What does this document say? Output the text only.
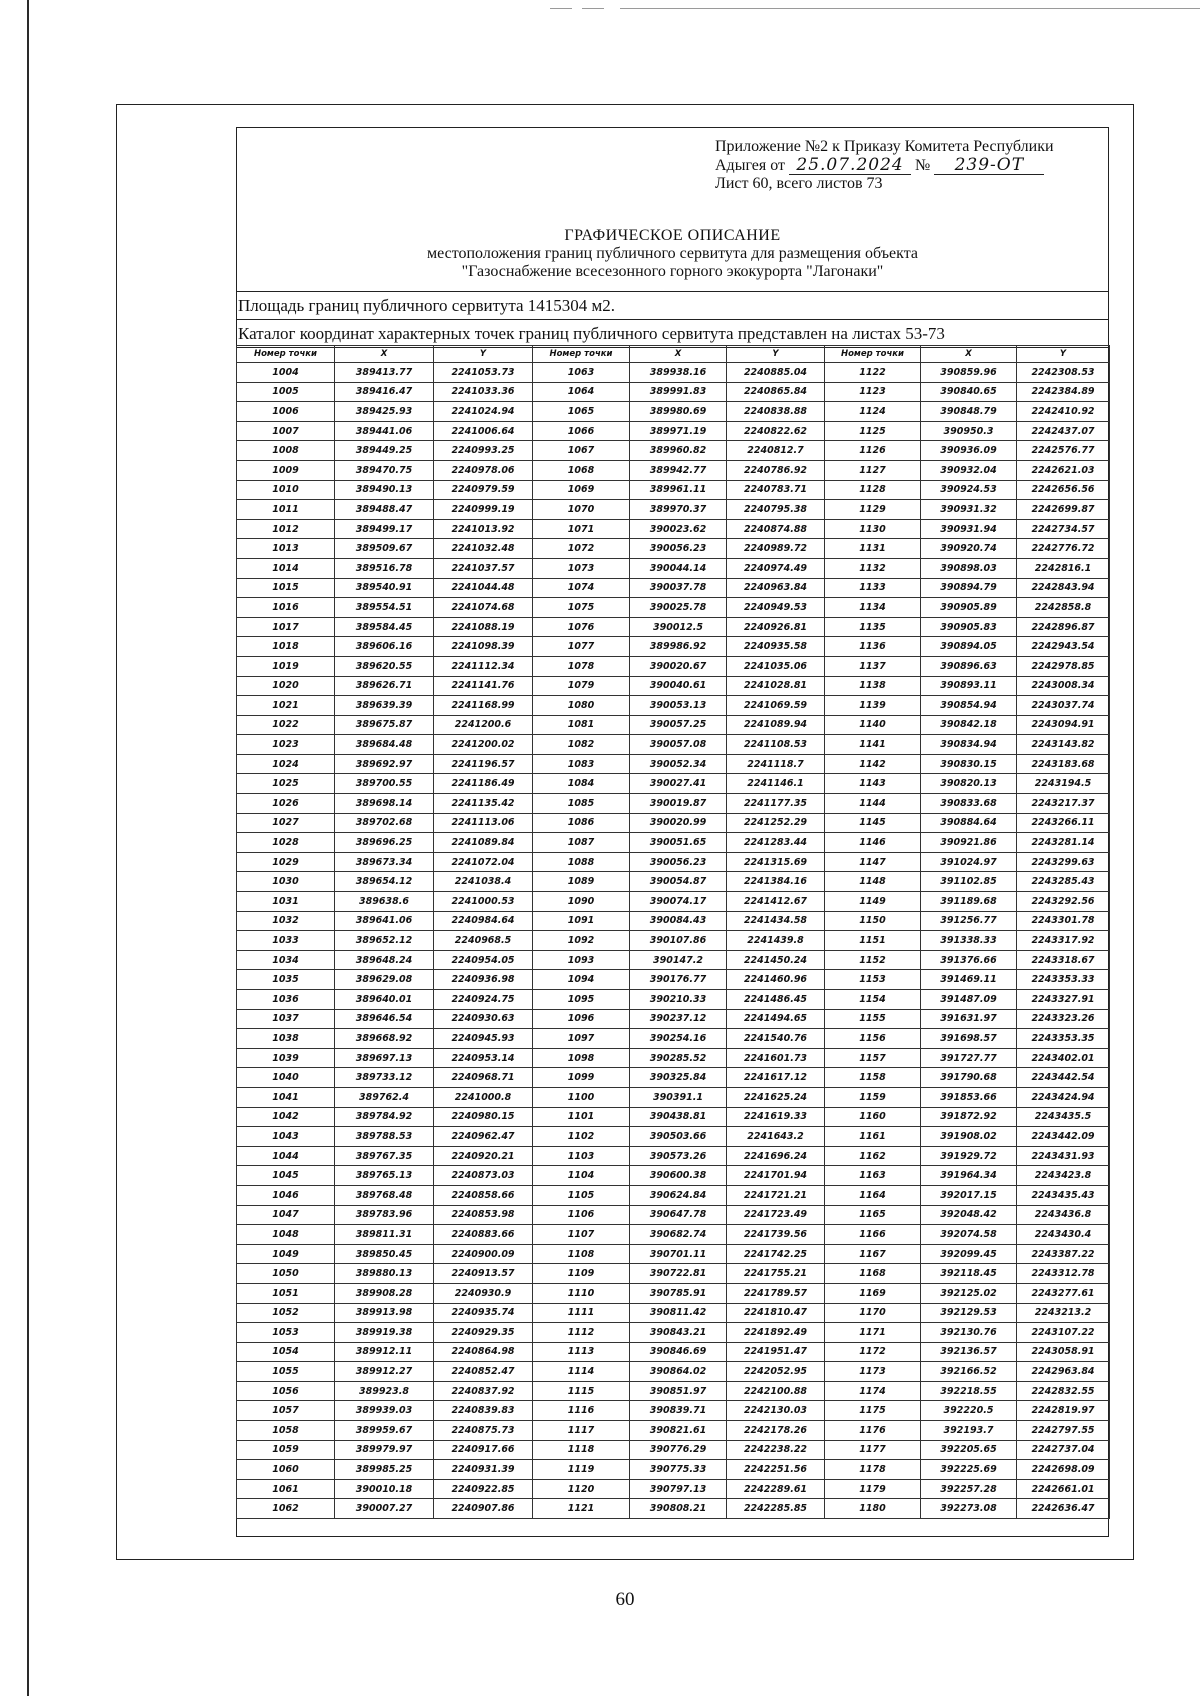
Приложение №2 к Приказу Комитета Республики
Адыгея от 25.07.2024 № 239-ОТ
Лист 60, всего листов 73
ГРАФИЧЕСКОЕ ОПИСАНИЕ
местоположения границ публичного сервитута для размещения объекта
"Газоснабжение всесезонного горного экокурорта "Лагонаки"
Площадь границ публичного сервитута 1415304 м2.
Каталог координат характерных точек границ публичного сервитута представлен на листах 53-73
Номер точки	X	Y	Номер точки	X	Y	Номер точки	X	Y
1004	389413.77	2241053.73	1063	389938.16	2240885.04	1122	390859.96	2242308.53
1005	389416.47	2241033.36	1064	389991.83	2240865.84	1123	390840.65	2242384.89
1006	389425.93	2241024.94	1065	389980.69	2240838.88	1124	390848.79	2242410.92
1007	389441.06	2241006.64	1066	389971.19	2240822.62	1125	390950.3	2242437.07
1008	389449.25	2240993.25	1067	389960.82	2240812.7	1126	390936.09	2242576.77
1009	389470.75	2240978.06	1068	389942.77	2240786.92	1127	390932.04	2242621.03
1010	389490.13	2240979.59	1069	389961.11	2240783.71	1128	390924.53	2242656.56
1011	389488.47	2240999.19	1070	389970.37	2240795.38	1129	390931.32	2242699.87
1012	389499.17	2241013.92	1071	390023.62	2240874.88	1130	390931.94	2242734.57
1013	389509.67	2241032.48	1072	390056.23	2240989.72	1131	390920.74	2242776.72
1014	389516.78	2241037.57	1073	390044.14	2240974.49	1132	390898.03	2242816.1
1015	389540.91	2241044.48	1074	390037.78	2240963.84	1133	390894.79	2242843.94
1016	389554.51	2241074.68	1075	390025.78	2240949.53	1134	390905.89	2242858.8
1017	389584.45	2241088.19	1076	390012.5	2240926.81	1135	390905.83	2242896.87
1018	389606.16	2241098.39	1077	389986.92	2240935.58	1136	390894.05	2242943.54
1019	389620.55	2241112.34	1078	390020.67	2241035.06	1137	390896.63	2242978.85
1020	389626.71	2241141.76	1079	390040.61	2241028.81	1138	390893.11	2243008.34
1021	389639.39	2241168.99	1080	390053.13	2241069.59	1139	390854.94	2243037.74
1022	389675.87	2241200.6	1081	390057.25	2241089.94	1140	390842.18	2243094.91
1023	389684.48	2241200.02	1082	390057.08	2241108.53	1141	390834.94	2243143.82
1024	389692.97	2241196.57	1083	390052.34	2241118.7	1142	390830.15	2243183.68
1025	389700.55	2241186.49	1084	390027.41	2241146.1	1143	390820.13	2243194.5
1026	389698.14	2241135.42	1085	390019.87	2241177.35	1144	390833.68	2243217.37
1027	389702.68	2241113.06	1086	390020.99	2241252.29	1145	390884.64	2243266.11
1028	389696.25	2241089.84	1087	390051.65	2241283.44	1146	390921.86	2243281.14
1029	389673.34	2241072.04	1088	390056.23	2241315.69	1147	391024.97	2243299.63
1030	389654.12	2241038.4	1089	390054.87	2241384.16	1148	391102.85	2243285.43
1031	389638.6	2241000.53	1090	390074.17	2241412.67	1149	391189.68	2243292.56
1032	389641.06	2240984.64	1091	390084.43	2241434.58	1150	391256.77	2243301.78
1033	389652.12	2240968.5	1092	390107.86	2241439.8	1151	391338.33	2243317.92
1034	389648.24	2240954.05	1093	390147.2	2241450.24	1152	391376.66	2243318.67
1035	389629.08	2240936.98	1094	390176.77	2241460.96	1153	391469.11	2243353.33
1036	389640.01	2240924.75	1095	390210.33	2241486.45	1154	391487.09	2243327.91
1037	389646.54	2240930.63	1096	390237.12	2241494.65	1155	391631.97	2243323.26
1038	389668.92	2240945.93	1097	390254.16	2241540.76	1156	391698.57	2243353.35
1039	389697.13	2240953.14	1098	390285.52	2241601.73	1157	391727.77	2243402.01
1040	389733.12	2240968.71	1099	390325.84	2241617.12	1158	391790.68	2243442.54
1041	389762.4	2241000.8	1100	390391.1	2241625.24	1159	391853.66	2243424.94
1042	389784.92	2240980.15	1101	390438.81	2241619.33	1160	391872.92	2243435.5
1043	389788.53	2240962.47	1102	390503.66	2241643.2	1161	391908.02	2243442.09
1044	389767.35	2240920.21	1103	390573.26	2241696.24	1162	391929.72	2243431.93
1045	389765.13	2240873.03	1104	390600.38	2241701.94	1163	391964.34	2243423.8
1046	389768.48	2240858.66	1105	390624.84	2241721.21	1164	392017.15	2243435.43
1047	389783.96	2240853.98	1106	390647.78	2241723.49	1165	392048.42	2243436.8
1048	389811.31	2240883.66	1107	390682.74	2241739.56	1166	392074.58	2243430.4
1049	389850.45	2240900.09	1108	390701.11	2241742.25	1167	392099.45	2243387.22
1050	389880.13	2240913.57	1109	390722.81	2241755.21	1168	392118.45	2243312.78
1051	389908.28	2240930.9	1110	390785.91	2241789.57	1169	392125.02	2243277.61
1052	389913.98	2240935.74	1111	390811.42	2241810.47	1170	392129.53	2243213.2
1053	389919.38	2240929.35	1112	390843.21	2241892.49	1171	392130.76	2243107.22
1054	389912.11	2240864.98	1113	390846.69	2241951.47	1172	392136.57	2243058.91
1055	389912.27	2240852.47	1114	390864.02	2242052.95	1173	392166.52	2242963.84
1056	389923.8	2240837.92	1115	390851.97	2242100.88	1174	392218.55	2242832.55
1057	389939.03	2240839.83	1116	390839.71	2242130.03	1175	392220.5	2242819.97
1058	389959.67	2240875.73	1117	390821.61	2242178.26	1176	392193.7	2242797.55
1059	389979.97	2240917.66	1118	390776.29	2242238.22	1177	392205.65	2242737.04
1060	389985.25	2240931.39	1119	390775.33	2242251.56	1178	392225.69	2242698.09
1061	390010.18	2240922.85	1120	390797.13	2242289.61	1179	392257.28	2242661.01
1062	390007.27	2240907.86	1121	390808.21	2242285.85	1180	392273.08	2242636.47
60
